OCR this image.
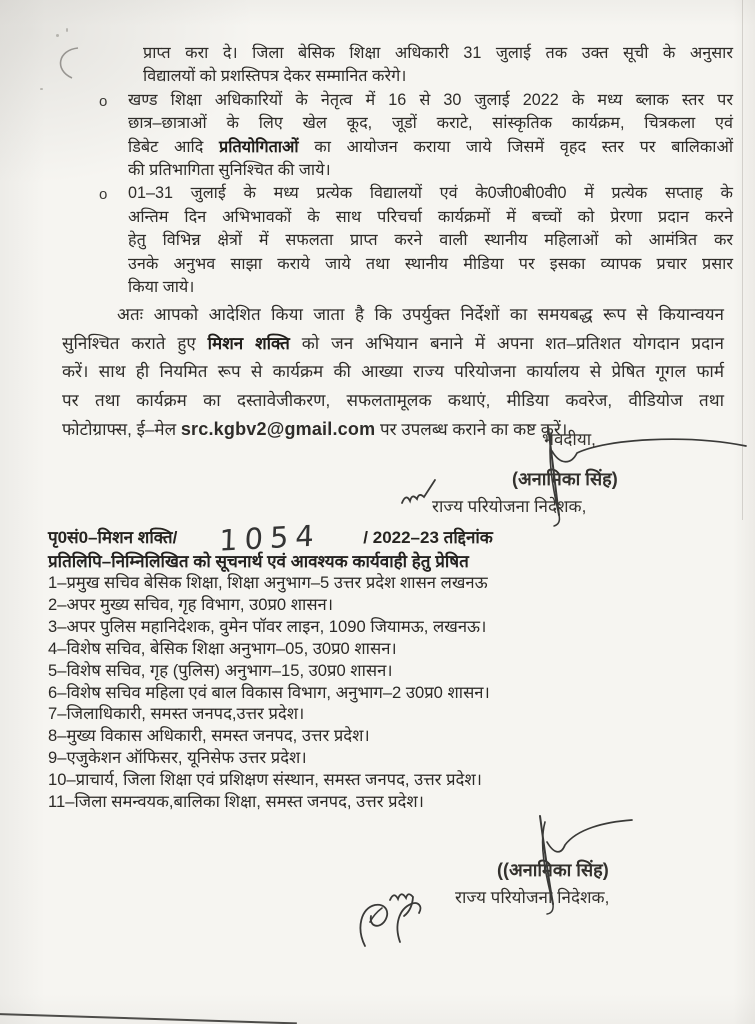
प्राप्त करा दे। जिला बेसिक शिक्षा अधिकारी 31 जुलाई तक उक्त सूची के अनुसार
विद्यालयों को प्रशस्तिपत्र देकर सम्मानित करेगे।
o खण्ड शिक्षा अधिकारियों के नेतृत्व में 16 से 30 जुलाई 2022 के मध्य ब्लाक स्तर पर
छात्र–छात्राओं के लिए खेल कूद, जूडों कराटे, सांस्कृतिक कार्यक्रम, चित्रकला एवं
डिबेट आदि प्रतियोगिताओं का आयोजन कराया जाये जिसमें वृहद स्तर पर बालिकाओं
की प्रतिभागिता सुनिश्चित की जाये।
o 01–31 जुलाई के मध्य प्रत्येक विद्यालयों एवं के0जी0बी0वी0 में प्रत्येक सप्ताह के
अन्तिम दिन अभिभावकों के साथ परिचर्चा कार्यक्रमों में बच्चों को प्रेरणा प्रदान करने
हेतु विभिन्न क्षेत्रों में सफलता प्राप्त करने वाली स्थानीय महिलाओं को आमंत्रित कर
उनके अनुभव साझा कराये जाये तथा स्थानीय मीडिया पर इसका व्यापक प्रचार प्रसार
किया जाये।
अतः आपको आदेशित किया जाता है कि उपर्युक्त निर्देशों का समयबद्ध रूप से कियान्वयन
सुनिश्चित कराते हुए मिशन शक्ति को जन अभियान बनाने में अपना शत–प्रतिशत योगदान प्रदान
करें। साथ ही नियमित रूप से कार्यक्रम की आख्या राज्य परियोजना कार्यालय से प्रेषित गूगल फार्म
पर तथा कार्यक्रम का दस्तावेजीकरण, सफलतामूलक कथाएं, मीडिया कवरेज, वीडियोज तथा
फोटोग्राफ्स, ई–मेल src.kgbv2@gmail.com पर उपलब्ध कराने का कष्ट करें।
भवदीया,
(अनामिका सिंह)
राज्य परियोजना निदेशक,
पृ0सं0–मिशन शक्ति/ 1054 / 2022–23 तद्दिनांक
प्रतिलिपि–निम्निलिखित को सूचनार्थ एवं आवश्यक कार्यवाही हेतु प्रेषित
1–प्रमुख सचिव बेसिक शिक्षा, शिक्षा अनुभाग–5 उत्तर प्रदेश शासन लखनऊ
2–अपर मुख्य सचिव, गृह विभाग, उ0प्र0 शासन।
3–अपर पुलिस महानिदेशक, वुमेन पॉवर लाइन, 1090 जियामऊ, लखनऊ।
4–विशेष सचिव, बेसिक शिक्षा अनुभाग–05, उ0प्र0 शासन।
5–विशेष सचिव, गृह (पुलिस) अनुभाग–15, उ0प्र0 शासन।
6–विशेष सचिव महिला एवं बाल विकास विभाग, अनुभाग–2 उ0प्र0 शासन।
7–जिलाधिकारी, समस्त जनपद,उत्तर प्रदेश।
8–मुख्य विकास अधिकारी, समस्त जनपद, उत्तर प्रदेश।
9–एजुकेशन ऑफिसर, यूनिसेफ उत्तर प्रदेश।
10–प्राचार्य, जिला शिक्षा एवं प्रशिक्षण संस्थान, समस्त जनपद, उत्तर प्रदेश।
11–जिला समन्वयक,बालिका शिक्षा, समस्त जनपद, उत्तर प्रदेश।
((अनामिका सिंह)
राज्य परियोजना निदेशक,
